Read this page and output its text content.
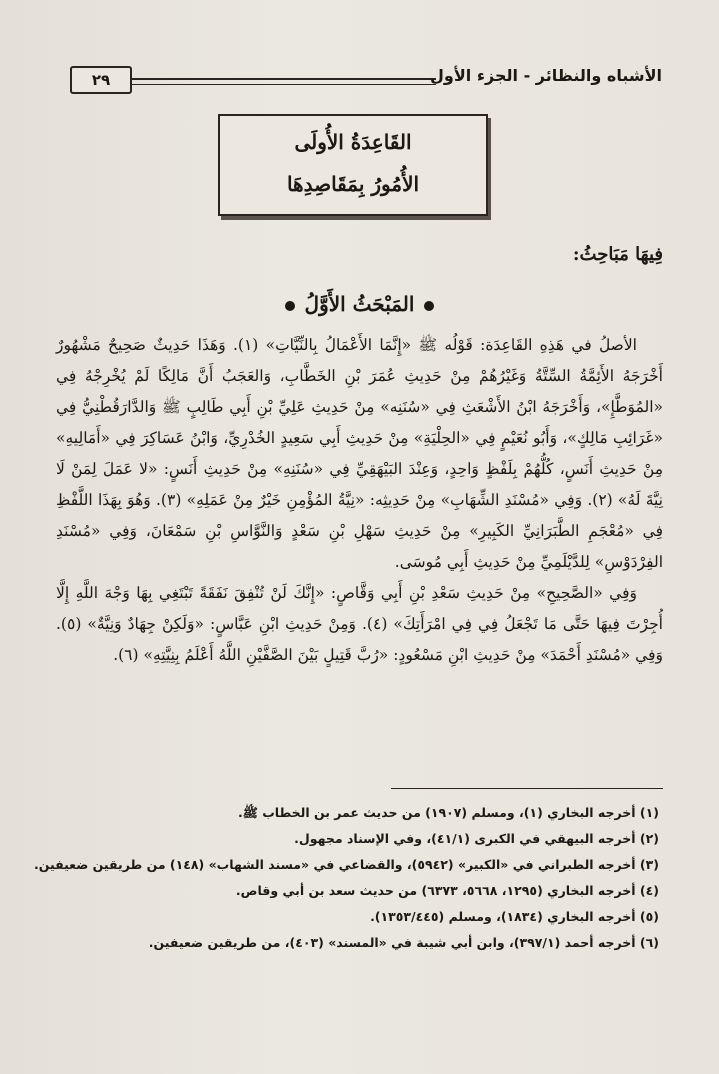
٢٩	الأشباه والنظائر - الجزء الأول
القَاعِدَةُ الأُولَى
الأُمُورُ بِمَقَاصِدِهَا
فِيهَا مَبَاحِثُ:
المَبْحَثُ الأَوَّلُ

الأصلُ في هَذِهِ القَاعِدَة: قَوْلُه ﷺ «إِنَّمَا الأَعْمَالُ بِالنِّيَّاتِ» (١). وَهَذَا حَدِيثٌ صَحِيحٌ مَشْهُورٌ أَخْرَجَهُ الأَئِمَّةُ السِّتَّةُ وَغَيْرُهُمْ مِنْ حَدِيثِ عُمَرَ بْنِ الخَطَّابِ، وَالعَجَبُ أَنَّ مَالِكًا لَمْ يُخْرِجْهُ فِي «المُوَطَّإِ»، وَأَخْرَجَهُ ابْنُ الأَشْعَثِ فِي «سُنَنِه» مِنْ حَدِيثِ عَلِيِّ بْنِ أَبِي طَالِبٍ ﷺ وَالدَّارَقُطْنِيُّ فِي «غَرَائِبِ مَالِكٍ»، وَأَبُو نُعَيْمٍ فِي «الحِلْيَةِ» مِنْ حَدِيثِ أَبِي سَعِيدٍ الخُدْرِيِّ، وَابْنُ عَسَاكِرَ فِي «أَمَالِيهِ» مِنْ حَدِيثِ أَنَسٍ، كُلُّهُمْ بِلَفْظٍ وَاحِدٍ، وَعِنْدَ البَيْهَقِيِّ فِي «سُنَنِهِ» مِنْ حَدِيثِ أَنَسٍ: «لا عَمَلَ لِمَنْ لَا نِيَّةَ لَهُ» (٢). وَفِي «مُسْنَدِ الشِّهَابِ» مِنْ حَدِيثِه: «نِيَّةُ المُؤْمِنِ خَيْرٌ مِنْ عَمَلِهِ» (٣). وَهُوَ بِهَذَا اللَّفْظِ فِي «مُعْجَمِ الطَّبَرَانِيِّ الكَبِيرِ» مِنْ حَدِيثِ سَهْلِ بْنِ سَعْدٍ وَالنَّوَّاسِ بْنِ سَمْعَانَ، وَفِي «مُسْنَدِ الفِرْدَوْسِ» لِلدَّيْلَمِيِّ مِنْ حَدِيثِ أَبِي مُوسَى.

وَفِي «الصَّحِيحِ» مِنْ حَدِيثِ سَعْدِ بْنِ أَبِي وَقَّاصٍ: «إِنَّكَ لَنْ تُنْفِقَ نَفَقَةً تَبْتَغِي بِهَا وَجْهَ اللَّهِ إِلَّا أُجِرْتَ فِيهَا حَتَّى مَا تَجْعَلُ فِي فِي امْرَأَتِكَ» (٤). وَمِنْ حَدِيثِ ابْنِ عَبَّاسٍ: «وَلَكِنْ جِهَادٌ وَنِيَّةٌ» (٥). وَفِي «مُسْنَدِ أَحْمَدَ» مِنْ حَدِيثِ ابْنِ مَسْعُودٍ: «رُبَّ قَتِيلٍ بَيْنَ الصَّفَّيْنِ اللَّهُ أَعْلَمُ بِنِيَّتِهِ» (٦).

(١) أخرجه البخاري (١)، ومسلم (١٩٠٧) من حديث عمر بن الخطاب ﷺ.
(٢) أخرجه البيهقي في الكبرى (٤١/١)، وفي الإسناد مجهول.
(٣) أخرجه الطبراني في «الكبير» (٥٩٤٢)، والقضاعي في «مسند الشهاب» (١٤٨) من طريقين ضعيفين.
(٤) أخرجه البخاري (١٢٩٥، ٥٦٦٨، ٦٣٧٣) من حديث سعد بن أبي وقاص.
(٥) أخرجه البخاري (١٨٣٤)، ومسلم (١٣٥٣/٤٤٥).
(٦) أخرجه أحمد (٣٩٧/١)، وابن أبي شيبة في «المسند» (٤٠٣)، من طريقين ضعيفين.
